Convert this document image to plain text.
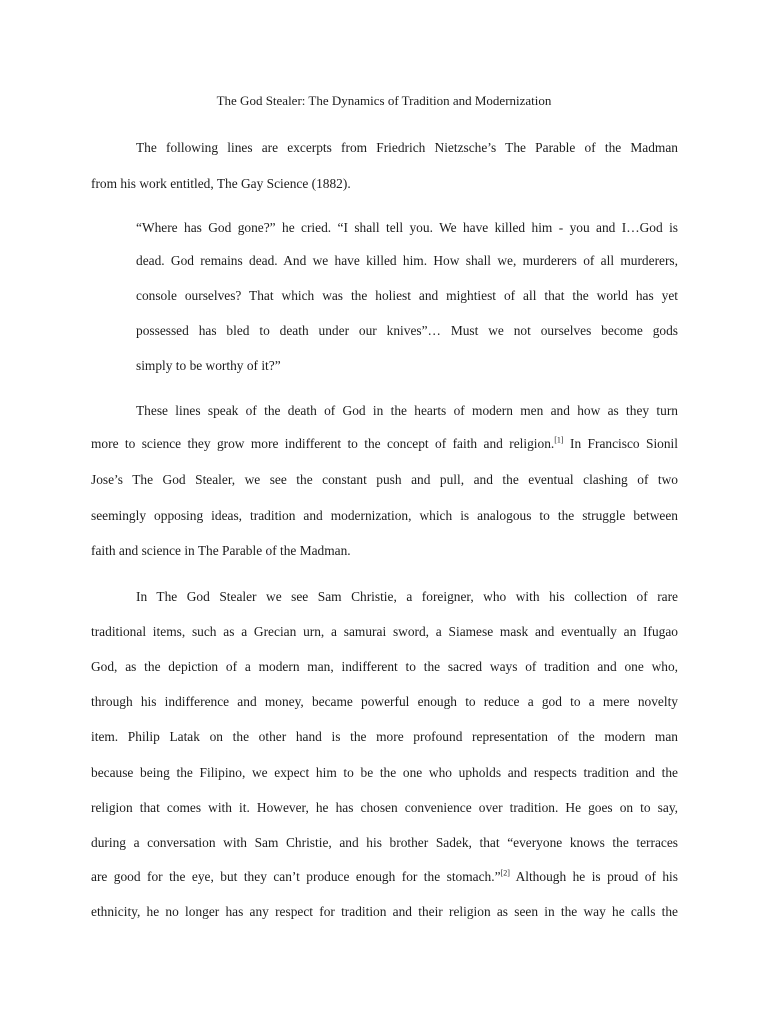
The God Stealer: The Dynamics of Tradition and Modernization

The following lines are excerpts from Friedrich Nietzsche’s The Parable of the Madman

from his work entitled, The Gay Science (1882).

“Where has God gone?” he cried. “I shall tell you. We have killed him - you and I…God is

dead. God remains dead. And we have killed him. How shall we, murderers of all murderers,

console ourselves? That which was the holiest and mightiest of all that the world has yet

possessed has bled to death under our knives”… Must we not ourselves become gods

simply to be worthy of it?”

These lines speak of the death of God in the hearts of modern men and how as they turn

more to science they grow more indifferent to the concept of faith and religion.[1] In Francisco Sionil

Jose’s The God Stealer, we see the constant push and pull, and the eventual clashing of two

seemingly opposing ideas, tradition and modernization, which is analogous to the struggle between

faith and science in The Parable of the Madman.

In The God Stealer we see Sam Christie, a foreigner, who with his collection of rare

traditional items, such as a Grecian urn, a samurai sword, a Siamese mask and eventually an Ifugao

God, as the depiction of a modern man, indifferent to the sacred ways of tradition and one who,

through his indifference and money, became powerful enough to reduce a god to a mere novelty

item. Philip Latak on the other hand is the more profound representation of the modern man

because being the Filipino, we expect him to be the one who upholds and respects tradition and the

religion that comes with it. However, he has chosen convenience over tradition. He goes on to say,

during a conversation with Sam Christie, and his brother Sadek, that “everyone knows the terraces

are good for the eye, but they can’t produce enough for the stomach.”[2] Although he is proud of his

ethnicity, he no longer has any respect for tradition and their religion as seen in the way he calls the
